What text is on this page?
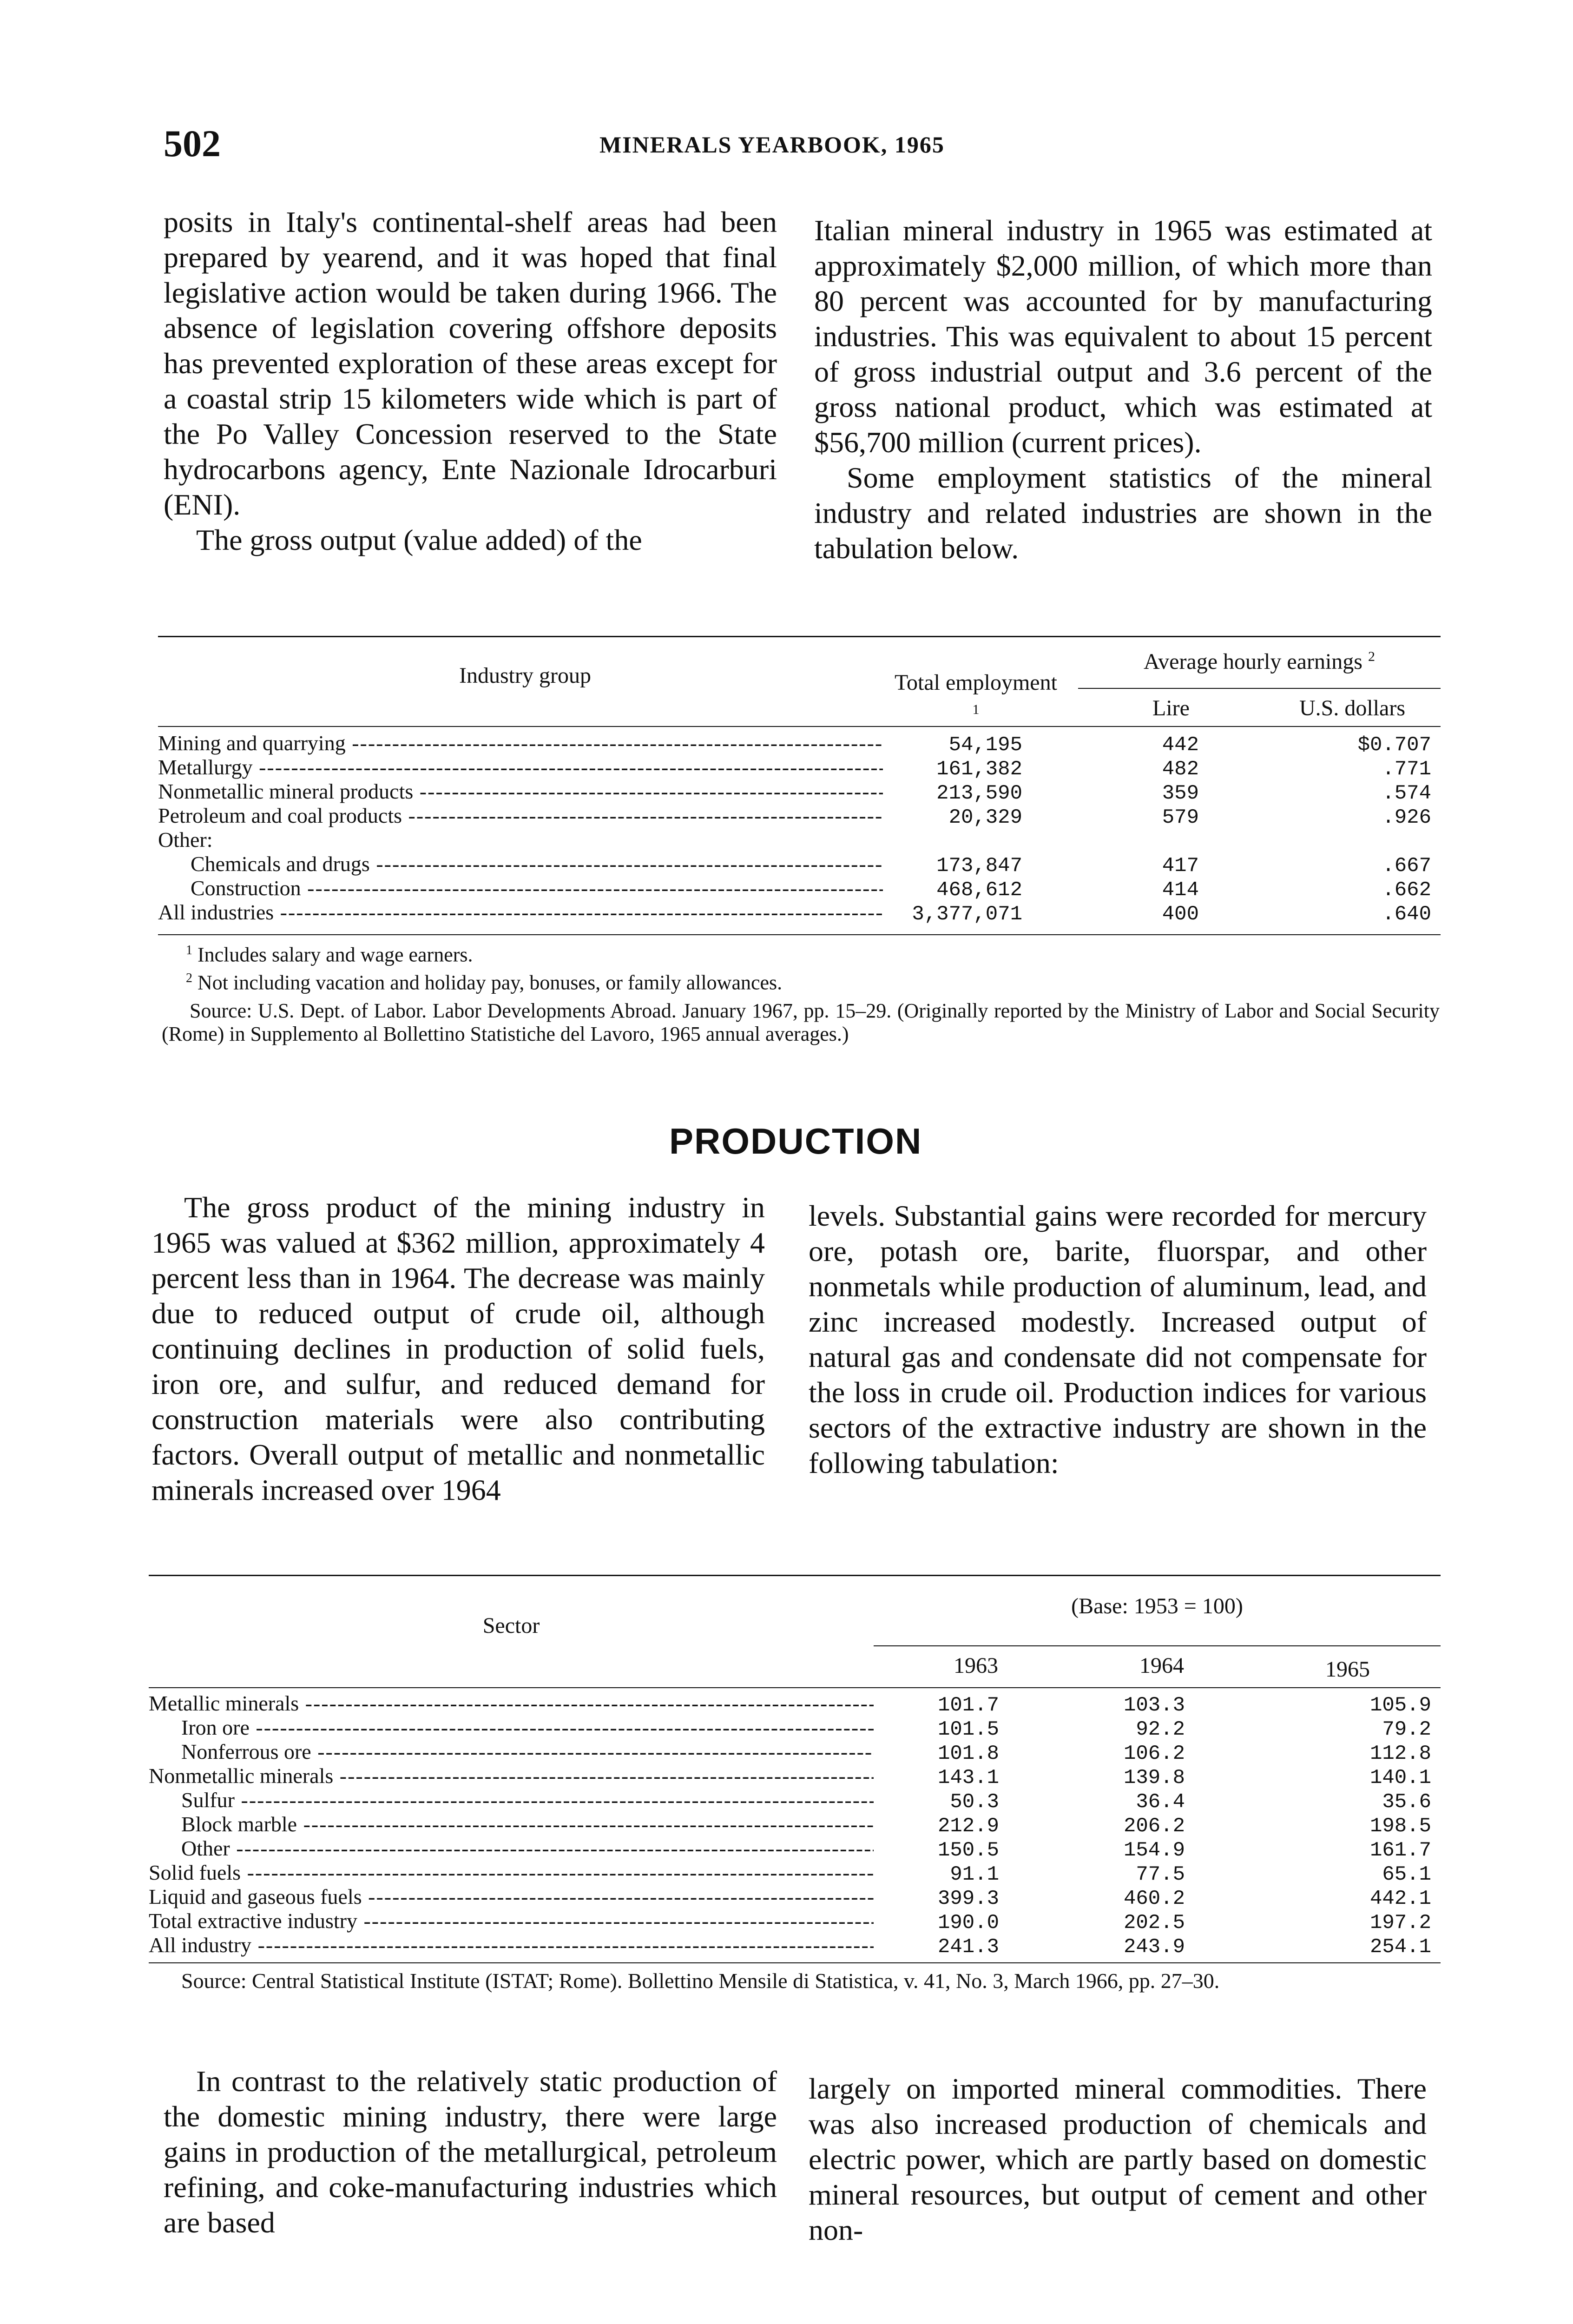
502	MINERALS YEARBOOK, 1965

posits in Italy's continental-shelf areas had been prepared by yearend, and it was hoped that final legislative action would be taken during 1966. The absence of legislation covering offshore deposits has prevented exploration of these areas except for a coastal strip 15 kilometers wide which is part of the Po Valley Concession reserved to the State hydrocarbons agency, Ente Nazionale Idrocarburi (ENI).

The gross output (value added) of the

Italian mineral industry in 1965 was estimated at approximately $2,000 million, of which more than 80 percent was accounted for by manufacturing industries. This was equivalent to about 15 percent of gross industrial output and 3.6 percent of the gross national product, which was estimated at $56,700 million (current prices).

Some employment statistics of the mineral industry and related industries are shown in the tabulation below.

Industry group	Total employment
$^1$
Average hourly earnings $^2$
Lire	U.S. dollars
Mining and quarrying -----	54,195	442	$0.707
Metallurgy -----	161,382	482	.771
Nonmetallic mineral products -----	213,590	359	.574
Petroleum and coal products -----	20,329	579	.926
Other:
Chemicals and drugs -----	173,847	417	.667
Construction -----	468,612	414	.662
All industries -----	3,377,071	400	.640
$^1$ Includes salary and wage earners.
$^2$ Not including vacation and holiday pay, bonuses, or family allowances.
Source: U.S. Dept. of Labor. Labor Developments Abroad. January 1967, pp. 15–29. (Originally reported by the Ministry of Labor and Social Security (Rome) in Supplemento al Bollettino Statistiche del Lavoro, 1965 annual averages.)
PRODUCTION

The gross product of the mining industry in 1965 was valued at $362 million, approximately 4 percent less than in 1964. The decrease was mainly due to reduced output of crude oil, although continuing declines in production of solid fuels, iron ore, and sulfur, and reduced demand for construction materials were also contributing factors. Overall output of metallic and nonmetallic minerals increased over 1964

levels. Substantial gains were recorded for mercury ore, potash ore, barite, fluorspar, and other nonmetals while production of aluminum, lead, and zinc increased modestly. Increased output of natural gas and condensate did not compensate for the loss in crude oil. Production indices for various sectors of the extractive industry are shown in the following tabulation:

Sector
(Base: 1953 = 100)
1963	1964	1965
Metallic minerals -----	101.7	103.3	105.9
Iron ore -----	101.5	92.2	79.2
Nonferrous ore -----	101.8	106.2	112.8
Nonmetallic minerals -----	143.1	139.8	140.1
Sulfur -----	50.3	36.4	35.6
Block marble -----	212.9	206.2	198.5
Other -----	150.5	154.9	161.7
Solid fuels -----	91.1	77.5	65.1
Liquid and gaseous fuels -----	399.3	460.2	442.1
Total extractive industry -----	190.0	202.5	197.2
All industry -----	241.3	243.9	254.1
Source: Central Statistical Institute (ISTAT; Rome). Bollettino Mensile di Statistica, v. 41, No. 3, March 1966, pp. 27–30.

In contrast to the relatively static production of the domestic mining industry, there were large gains in production of the metallurgical, petroleum refining, and coke-manufacturing industries which are based

largely on imported mineral commodities. There was also increased production of chemicals and electric power, which are partly based on domestic mineral resources, but output of cement and other non-
